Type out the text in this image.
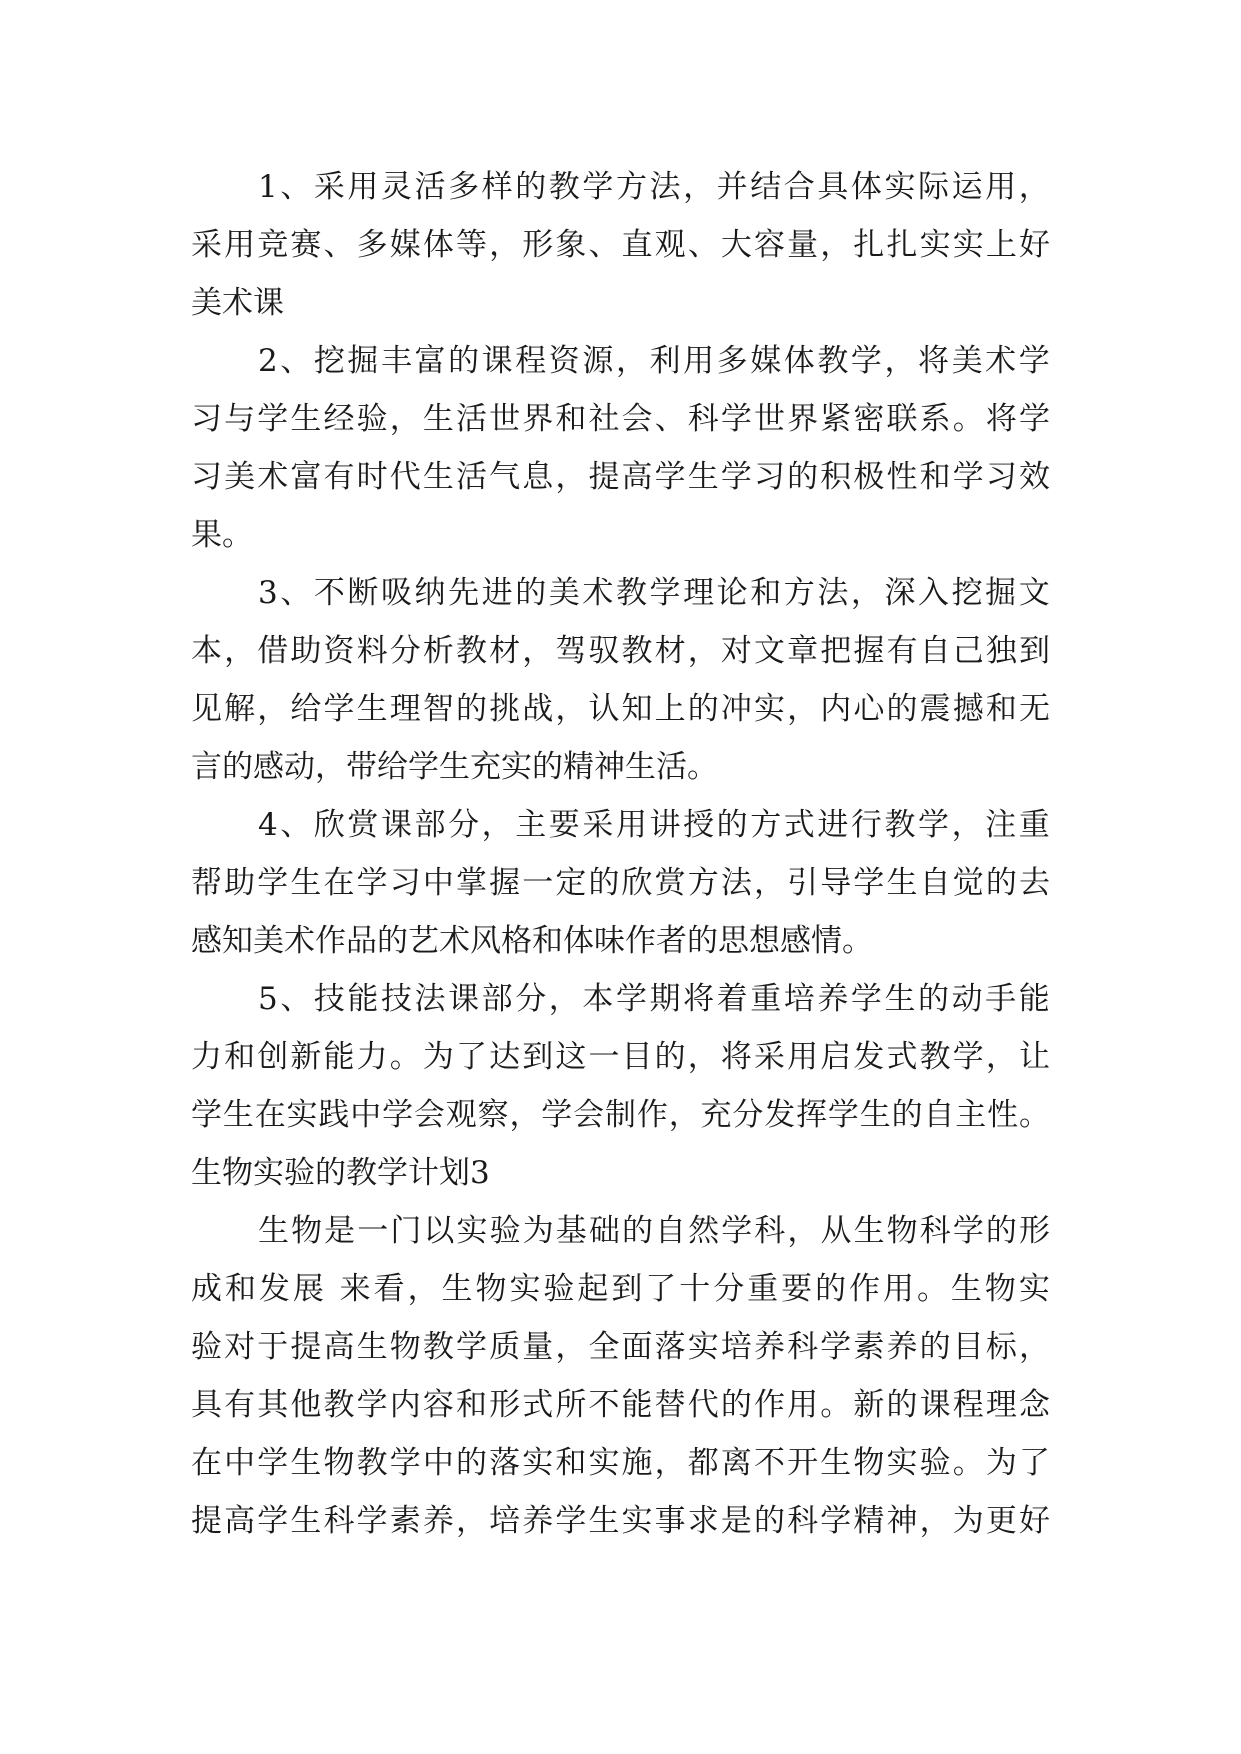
1、采用灵活多样的教学方法，并结合具体实际运用，
采用竞赛、多媒体等，形象、直观、大容量，扎扎实实上好
美术课
2、挖掘丰富的课程资源，利用多媒体教学，将美术学
习与学生经验，生活世界和社会、科学世界紧密联系。将学
习美术富有时代生活气息，提高学生学习的积极性和学习效
果。
3、不断吸纳先进的美术教学理论和方法，深入挖掘文
本，借助资料分析教材，驾驭教材，对文章把握有自己独到
见解，给学生理智的挑战，认知上的冲实，内心的震撼和无
言的感动，带给学生充实的精神生活。
4、欣赏课部分，主要采用讲授的方式进行教学，注重
帮助学生在学习中掌握一定的欣赏方法，引导学生自觉的去
感知美术作品的艺术风格和体味作者的思想感情。
5、技能技法课部分，本学期将着重培养学生的动手能
力和创新能力。为了达到这一目的，将采用启发式教学，让
学生在实践中学会观察，学会制作，充分发挥学生的自主性。
生物实验的教学计划3
生物是一门以实验为基础的自然学科，从生物科学的形
成和发展 来看，生物实验起到了十分重要的作用。生物实
验对于提高生物教学质量，全面落实培养科学素养的目标，
具有其他教学内容和形式所不能替代的作用。新的课程理念
在中学生物教学中的落实和实施，都离不开生物实验。为了
提高学生科学素养，培养学生实事求是的科学精神，为更好
